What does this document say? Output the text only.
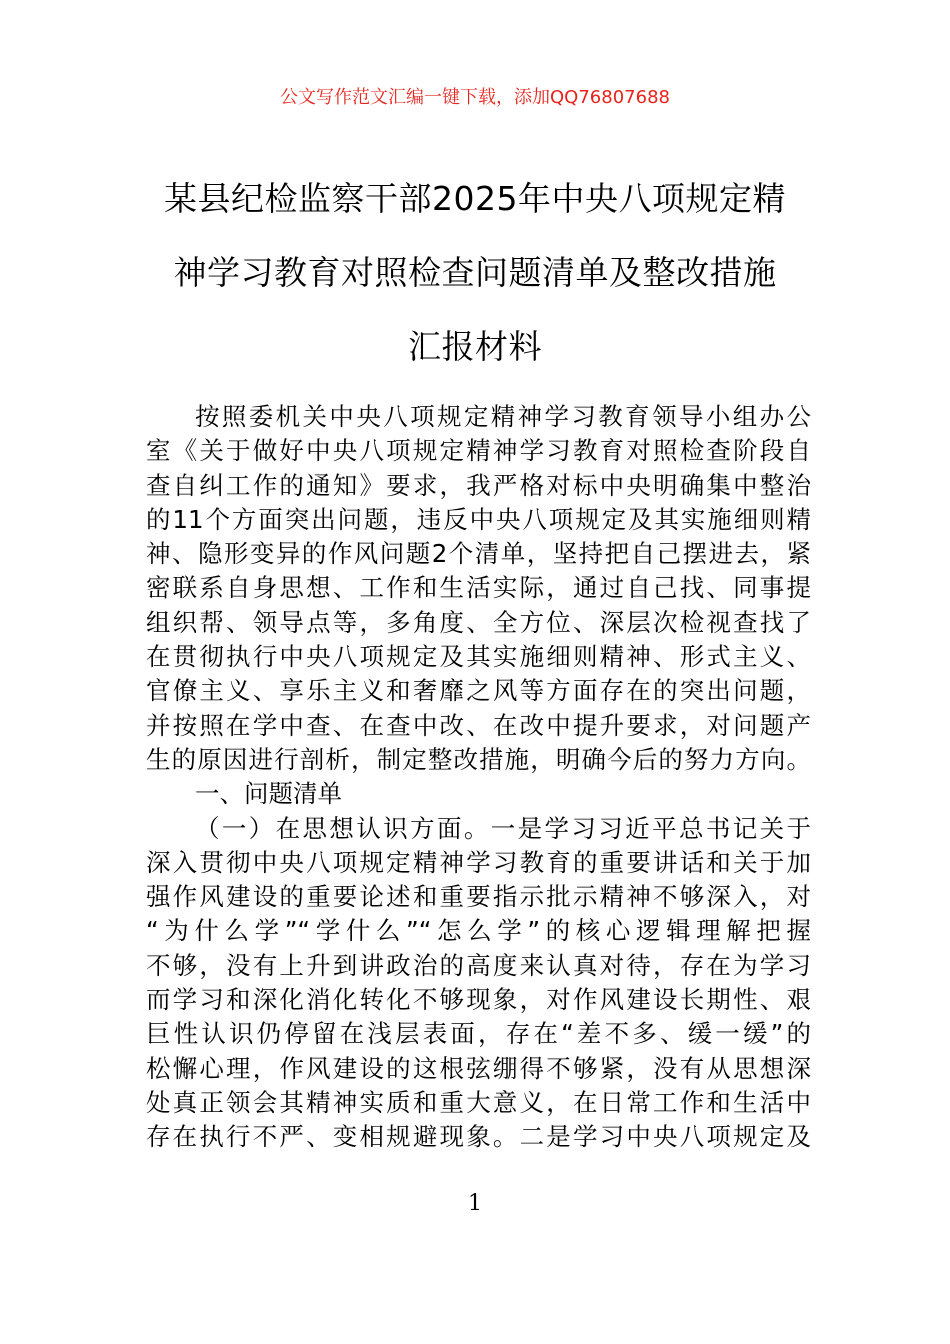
公文写作范文汇编一键下载，添加QQ76807688
某县纪检监察干部2025年中央八项规定精
神学习教育对照检查问题清单及整改措施
汇报材料
按照委机关中央八项规定精神学习教育领导小组办公
室《关于做好中央八项规定精神学习教育对照检查阶段自
查自纠工作的通知》要求，我严格对标中央明确集中整治
的11个方面突出问题，违反中央八项规定及其实施细则精
神、隐形变异的作风问题2个清单，坚持把自己摆进去，紧
密联系自身思想、工作和生活实际，通过自己找、同事提
组织帮、领导点等，多角度、全方位、深层次检视查找了
在贯彻执行中央八项规定及其实施细则精神、形式主义、
官僚主义、享乐主义和奢靡之风等方面存在的突出问题，
并按照在学中查、在查中改、在改中提升要求，对问题产
生的原因进行剖析，制定整改措施，明确今后的努力方向。
一、问题清单
（一）在思想认识方面。一是学习习近平总书记关于
深入贯彻中央八项规定精神学习教育的重要讲话和关于加
强作风建设的重要论述和重要指示批示精神不够深入，对
“为什么学”“学什么”“怎么学”的核心逻辑理解把握
不够，没有上升到讲政治的高度来认真对待，存在为学习
而学习和深化消化转化不够现象，对作风建设长期性、艰
巨性认识仍停留在浅层表面，存在“差不多、缓一缓”的
松懈心理，作风建设的这根弦绷得不够紧，没有从思想深
处真正领会其精神实质和重大意义，在日常工作和生活中
存在执行不严、变相规避现象。二是学习中央八项规定及
1
